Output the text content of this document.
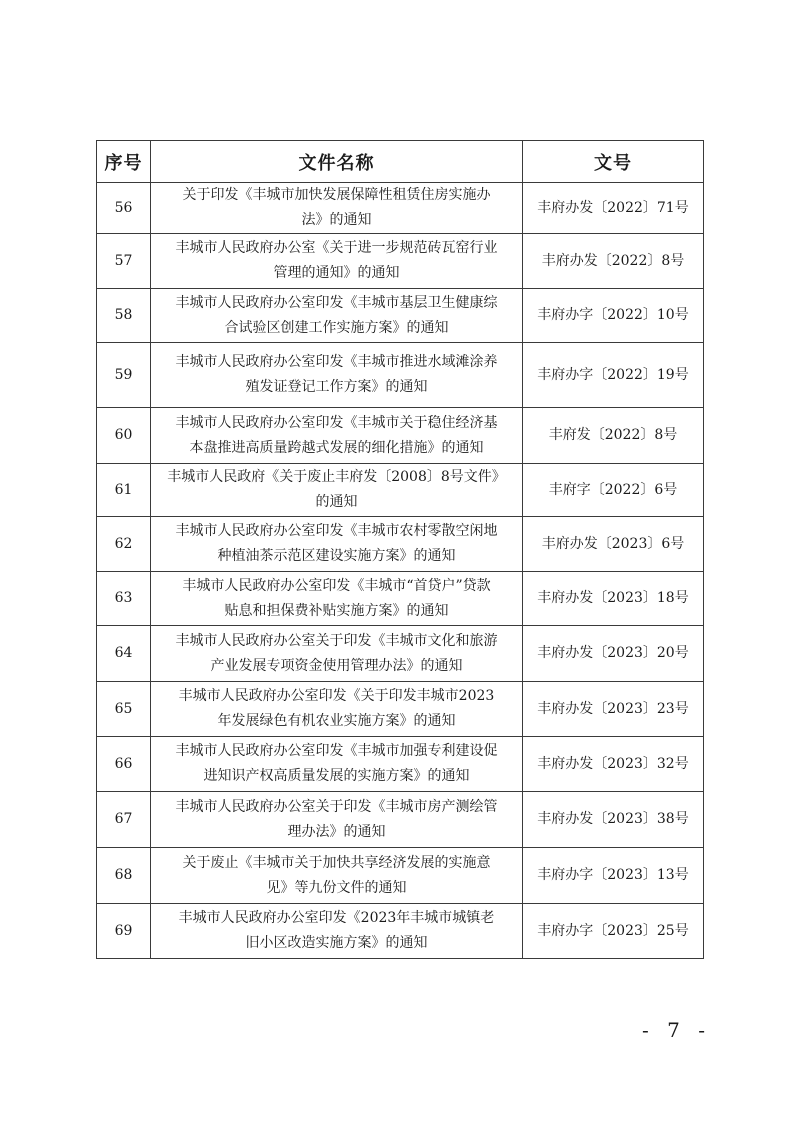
序号	文件名称	文号
56	关于印发《丰城市加快发展保障性租赁住房实施办
法》的通知	丰府办发〔2022〕71号
57	丰城市人民政府办公室《关于进一步规范砖瓦窑行业
管理的通知》的通知	丰府办发〔2022〕8号
58	丰城市人民政府办公室印发《丰城市基层卫生健康综
合试验区创建工作实施方案》的通知	丰府办字〔2022〕10号
59	丰城市人民政府办公室印发《丰城市推进水域滩涂养
殖发证登记工作方案》的通知	丰府办字〔2022〕19号
60	丰城市人民政府办公室印发《丰城市关于稳住经济基
本盘推进高质量跨越式发展的细化措施》的通知	丰府发〔2022〕8号
61	丰城市人民政府《关于废止丰府发〔2008〕8号文件》
的通知	丰府字〔2022〕6号
62	丰城市人民政府办公室印发《丰城市农村零散空闲地
种植油茶示范区建设实施方案》的通知	丰府办发〔2023〕6号
63	丰城市人民政府办公室印发《丰城市“首贷户”贷款
贴息和担保费补贴实施方案》的通知	丰府办发〔2023〕18号
64	丰城市人民政府办公室关于印发《丰城市文化和旅游
产业发展专项资金使用管理办法》的通知	丰府办发〔2023〕20号
65	丰城市人民政府办公室印发《关于印发丰城市2023
年发展绿色有机农业实施方案》的通知	丰府办发〔2023〕23号
66	丰城市人民政府办公室印发《丰城市加强专利建设促
进知识产权高质量发展的实施方案》的通知	丰府办发〔2023〕32号
67	丰城市人民政府办公室关于印发《丰城市房产测绘管
理办法》的通知	丰府办发〔2023〕38号
68	关于废止《丰城市关于加快共享经济发展的实施意
见》等九份文件的通知	丰府办字〔2023〕13号
69	丰城市人民政府办公室印发《2023年丰城市城镇老
旧小区改造实施方案》的通知	丰府办字〔2023〕25号
- 7 -
